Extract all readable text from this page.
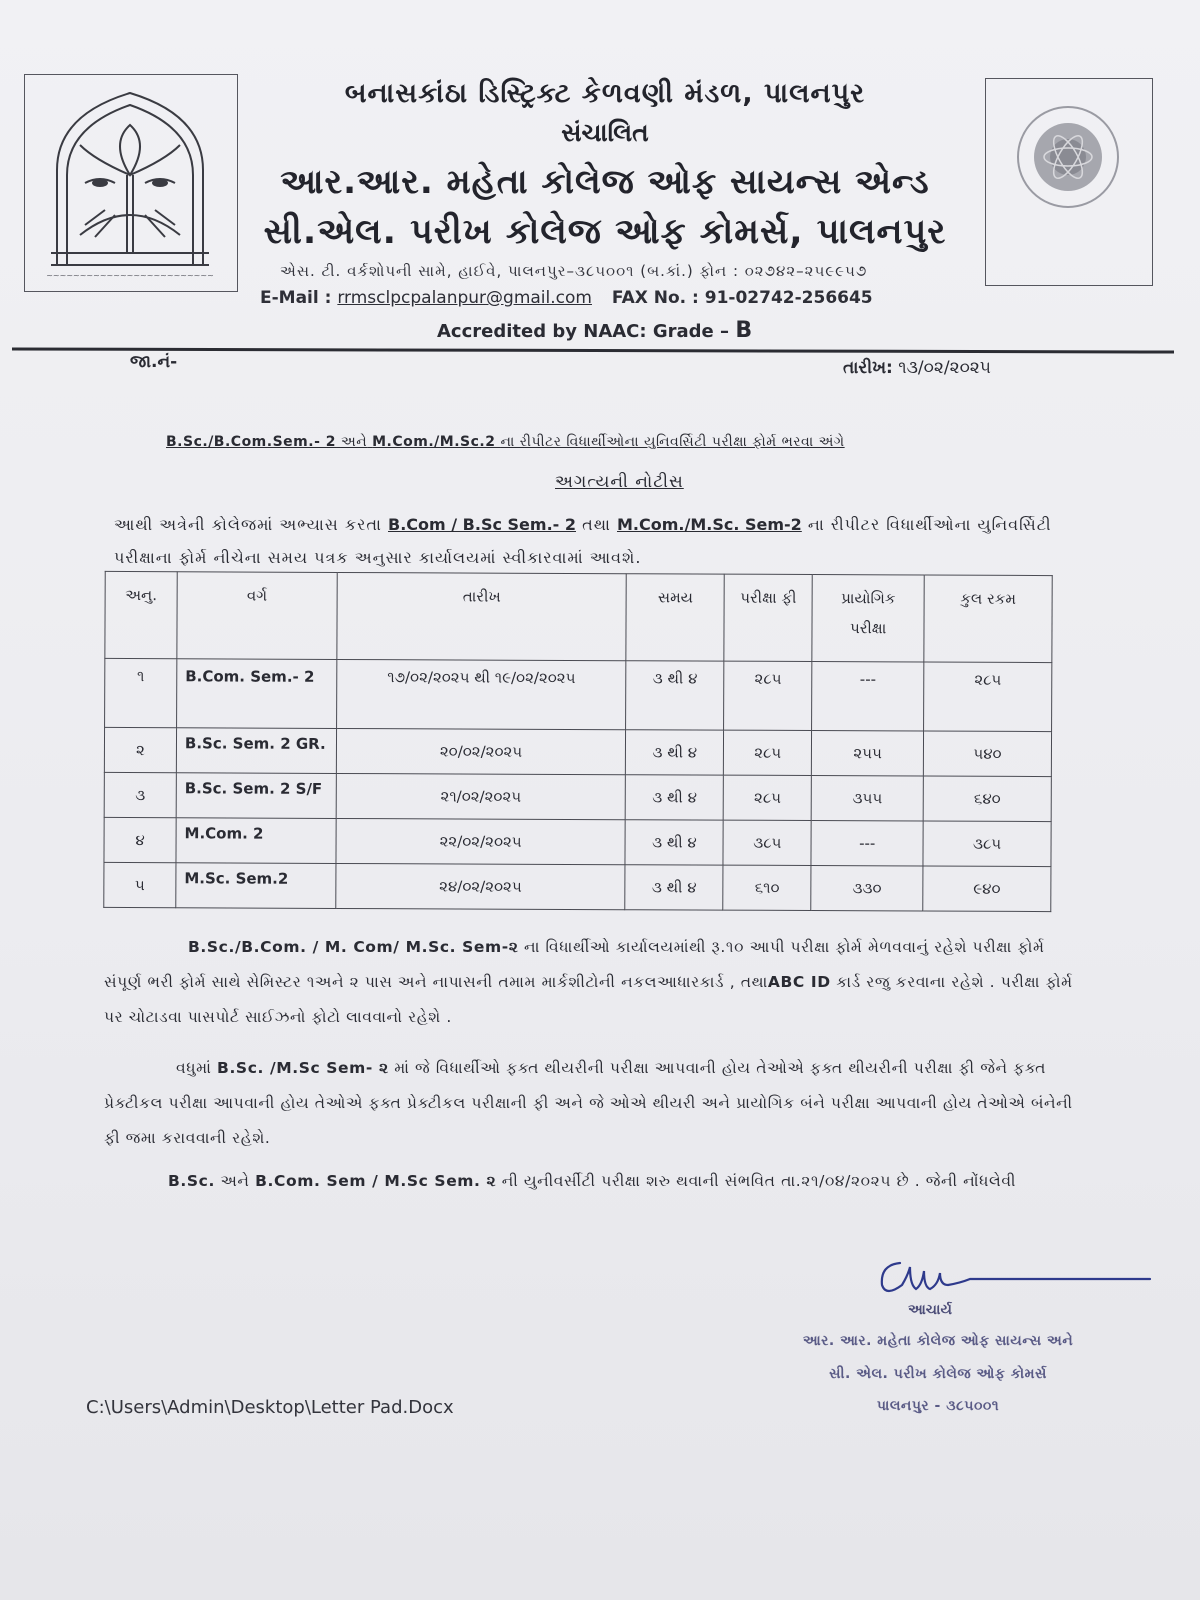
~~~~~~~~~~~~~~~~~~~~~~~~~
બનાસકાંઠા ડિસ્ટ્રિક્ટ કેળવણી મંડળ, પાલનપુર
સંચાલિત
આર.આર. મહેતા કોલેજ ઓફ સાયન્સ એન્ડ
સી.એલ. પરીખ કોલેજ ઓફ કોમર્સ, પાલનપુર
એસ. ટી. વર્કશોપની સામે, હાઈવે, પાલનપુર–૩૮૫૦૦૧ (બ.કાં.) ફોન : ૦૨૭૪૨–૨૫૯૯૫૭
E-Mail : rrmsclpcpalanpur@gmail.com FAX No. : 91-02742-256645
Accredited by NAAC: Grade – B
જા.નં-	તારીખ: ૧૩/૦૨/૨૦૨૫
B.Sc./B.Com.Sem.- 2 અને M.Com./M.Sc.2 ના રીપીટર વિધાર્થીઓના યુનિવર્સિટી પરીક્ષા ફોર્મ ભરવા અંગે
અગત્યની નોટીસ
આથી અત્રેની કોલેજમાં અભ્યાસ કરતા B.Com / B.Sc Sem.- 2 તથા M.Com./M.Sc. Sem-2 ના રીપીટર વિધાર્થીઓના યુનિવર્સિટી પરીક્ષાના ફોર્મ નીચેના સમય પત્રક અનુસાર કાર્યાલયમાં સ્વીકારવામાં આવશે.
અનુ.	વર્ગ	તારીખ	સમય	પરીક્ષા ફી	પ્રાયોગિક પરીક્ષા	કુલ રકમ
૧	B.Com. Sem.- 2	૧૭/૦૨/૨૦૨૫ થી ૧૯/૦૨/૨૦૨૫	૩ થી ૪	૨૮૫	---	૨૮૫
૨	B.Sc. Sem. 2 GR.	૨૦/૦૨/૨૦૨૫	૩ થી ૪	૨૮૫	૨૫૫	૫૪૦
૩	B.Sc. Sem. 2 S/F	૨૧/૦૨/૨૦૨૫	૩ થી ૪	૨૮૫	૩૫૫	૬૪૦
૪	M.Com. 2	૨૨/૦૨/૨૦૨૫	૩ થી ૪	૩૮૫	---	૩૮૫
૫	M.Sc. Sem.2	૨૪/૦૨/૨૦૨૫	૩ થી ૪	૬૧૦	૩૩૦	૯૪૦
B.Sc./B.Com. / M. Com/ M.Sc. Sem-૨ ના વિધાર્થીઓ કાર્યાલયમાંથી રૂ.૧૦ આપી પરીક્ષા ફોર્મ મેળવવાનું રહેશે પરીક્ષા ફોર્મ સંપૂર્ણ ભરી ફોર્મ સાથે સેમિસ્ટર ૧અને ૨ પાસ અને નાપાસની તમામ માર્કશીટોની નકલઆધારકાર્ડ , તથાABC ID કાર્ડ રજુ કરવાના રહેશે . પરીક્ષા ફોર્મ પર ચોટાડવા પાસપોર્ટ સાઈઝનો ફોટો લાવવાનો રહેશે .
વધુમાં B.Sc. /M.Sc Sem- ૨ માં જે વિધાર્થીઓ ફક્ત થીયરીની પરીક્ષા આપવાની હોય તેઓએ ફક્ત થીયરીની પરીક્ષા ફી જેને ફક્ત પ્રેક્ટીકલ પરીક્ષા આપવાની હોય તેઓએ ફક્ત પ્રેક્ટીકલ પરીક્ષાની ફી અને જે ઓએ થીયરી અને પ્રાયોગિક બંને પરીક્ષા આપવાની હોય તેઓએ બંનેની ફી જમા કરાવવાની રહેશે.
B.Sc. અને B.Com. Sem / M.Sc Sem. ૨ ની યુનીવર્સીટી પરીક્ષા શરુ થવાની સંભવિત તા.૨૧/૦૪/૨૦૨૫ છે . જેની નોંધલેવી
આચાર્ય
આર. આર. મહેતા કોલેજ ઓફ સાયન્સ અને
સી. એલ. પરીખ કોલેજ ઓફ કોમર્સ
પાલનપુર - ૩૮૫૦૦૧
C:\Users\Admin\Desktop\Letter Pad.Docx
